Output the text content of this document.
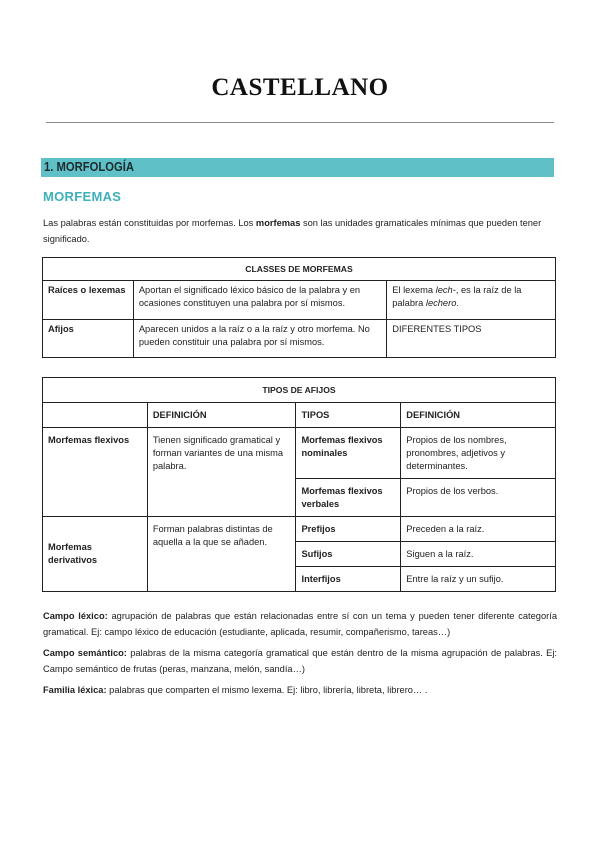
CASTELLANO
1. MORFOLOGÍA
MORFEMAS
Las palabras están constituidas por morfemas. Los morfemas son las unidades gramaticales mínimas que pueden tener significado.
CLASSES DE MORFEMAS		
Raíces o lexemas	Aportan el significado léxico básico de la palabra y en ocasiones constituyen una palabra por sí mismos.	El lexema lech-, es la raíz de la palabra lechero.
Afijos	Aparecen unidos a la raíz o a la raíz y otro morfema. No pueden constituir una palabra por sí mismos.	DIFERENTES TIPOS
TIPOS DE AFIJOS			
	DEFINICIÓN	TIPOS	DEFINICIÓN
Morfemas flexivos	Tienen significado gramatical y forman variantes de una misma palabra.	Morfemas flexivos nominales	Propios de los nombres, pronombres, adjetivos y determinantes.
		Morfemas flexivos verbales	Propios de los verbos.
Morfemas derivativos	Forman palabras distintas de aquella a la que se añaden.	Prefijos	Preceden a la raíz.
		Sufijos	Siguen a la raíz.
		Interfijos	Entre la raíz y un sufijo.
Campo léxico: agrupación de palabras que están relacionadas entre sí con un tema y pueden tener diferente categoría gramatical. Ej: campo léxico de educación (estudiante, aplicada, resumir, compañerismo, tareas…)
Campo semántico: palabras de la misma categoría gramatical que están dentro de la misma agrupación de palabras. Ej: Campo semántico de frutas (peras, manzana, melón, sandía…)
Familia léxica: palabras que comparten el mismo lexema. Ej: libro, librería, libreta, librero… .
